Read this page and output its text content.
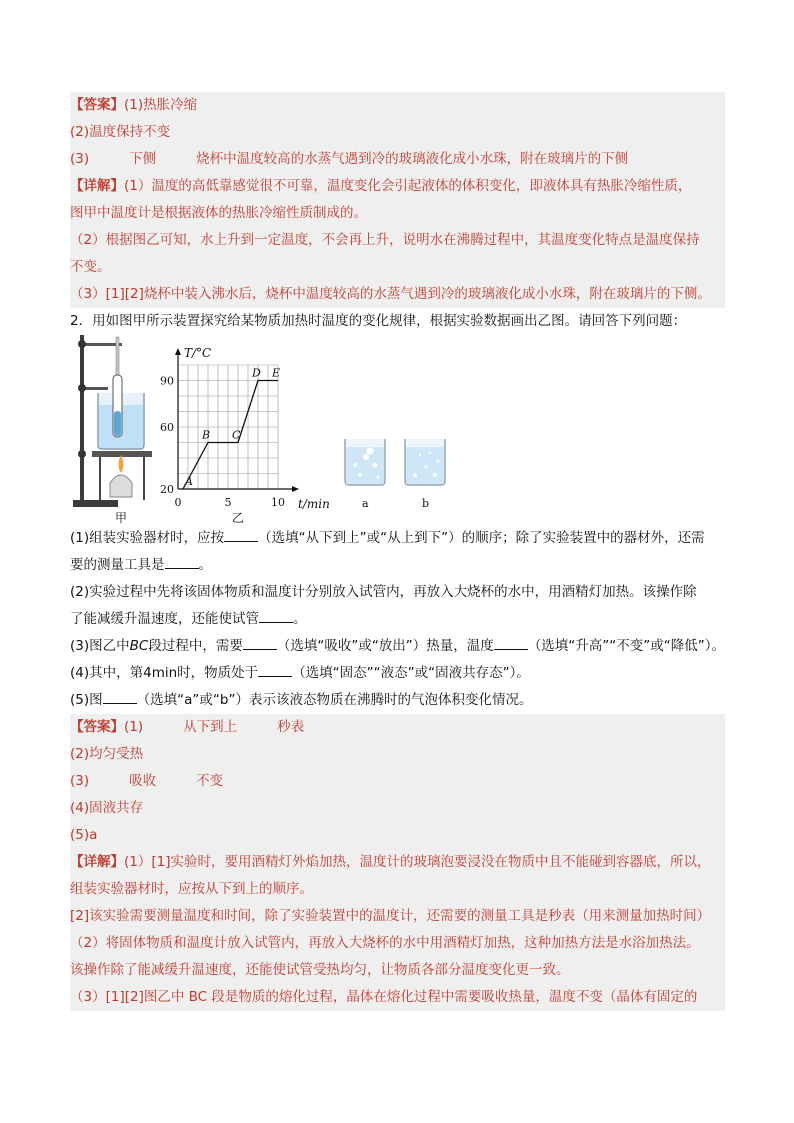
【答案】(1)热胀冷缩
(2)温度保持不变
(3)	下侧	烧杯中温度较高的水蒸气遇到冷的玻璃液化成小水珠，附在玻璃片的下侧
【详解】(1）温度的高低靠感觉很不可靠，温度变化会引起液体的体积变化，即液体具有热胀冷缩性质，
图甲中温度计是根据液体的热胀冷缩性质制成的。
（2）根据图乙可知，水上升到一定温度，不会再上升，说明水在沸腾过程中，其温度变化特点是温度保持
不变。
（3）[1][2]烧杯中装入沸水后，烧杯中温度较高的水蒸气遇到冷的玻璃液化成小水珠，附在玻璃片的下侧。
2．用如图甲所示装置探究给某物质加热时温度的变化规律，根据实验数据画出乙图。请回答下列问题：
甲
T/°C
t/min
20
60
90
0	5	10
A
B C
D E
乙
a	b
(1)组装实验器材时，应按	（选填“从下到上”或“从上到下”）的顺序；除了实验装置中的器材外，还需
要的测量工具是	。
(2)实验过程中先将该固体物质和温度计分别放入试管内，再放入大烧杯的水中，用酒精灯加热。该操作除
了能减缓升温速度，还能使试管	。
(3)图乙中BC段过程中，需要	（选填“吸收”或“放出”）热量，温度	（选填“升高”“不变”或“降低”）。
(4)其中，第4min时，物质处于	（选填“固态”“液态”或“固液共存态”）。
(5)图	（选填“a”或“b”）表示该液态物质在沸腾时的气泡体积变化情况。
【答案】(1)	从下到上	秒表
(2)均匀受热
(3)	吸收	不变
(4)固液共存
(5)a
【详解】(1）[1]实验时，要用酒精灯外焰加热，温度计的玻璃泡要浸没在物质中且不能碰到容器底，所以，
组装实验器材时，应按从下到上的顺序。
[2]该实验需要测量温度和时间，除了实验装置中的温度计，还需要的测量工具是秒表（用来测量加热时间）
（2）将固体物质和温度计放入试管内，再放入大烧杯的水中用酒精灯加热，这种加热方法是水浴加热法。
该操作除了能减缓升温速度，还能使试管受热均匀，让物质各部分温度变化更一致。
（3）[1][2]图乙中 BC 段是物质的熔化过程，晶体在熔化过程中需要吸收热量，温度不变（晶体有固定的
